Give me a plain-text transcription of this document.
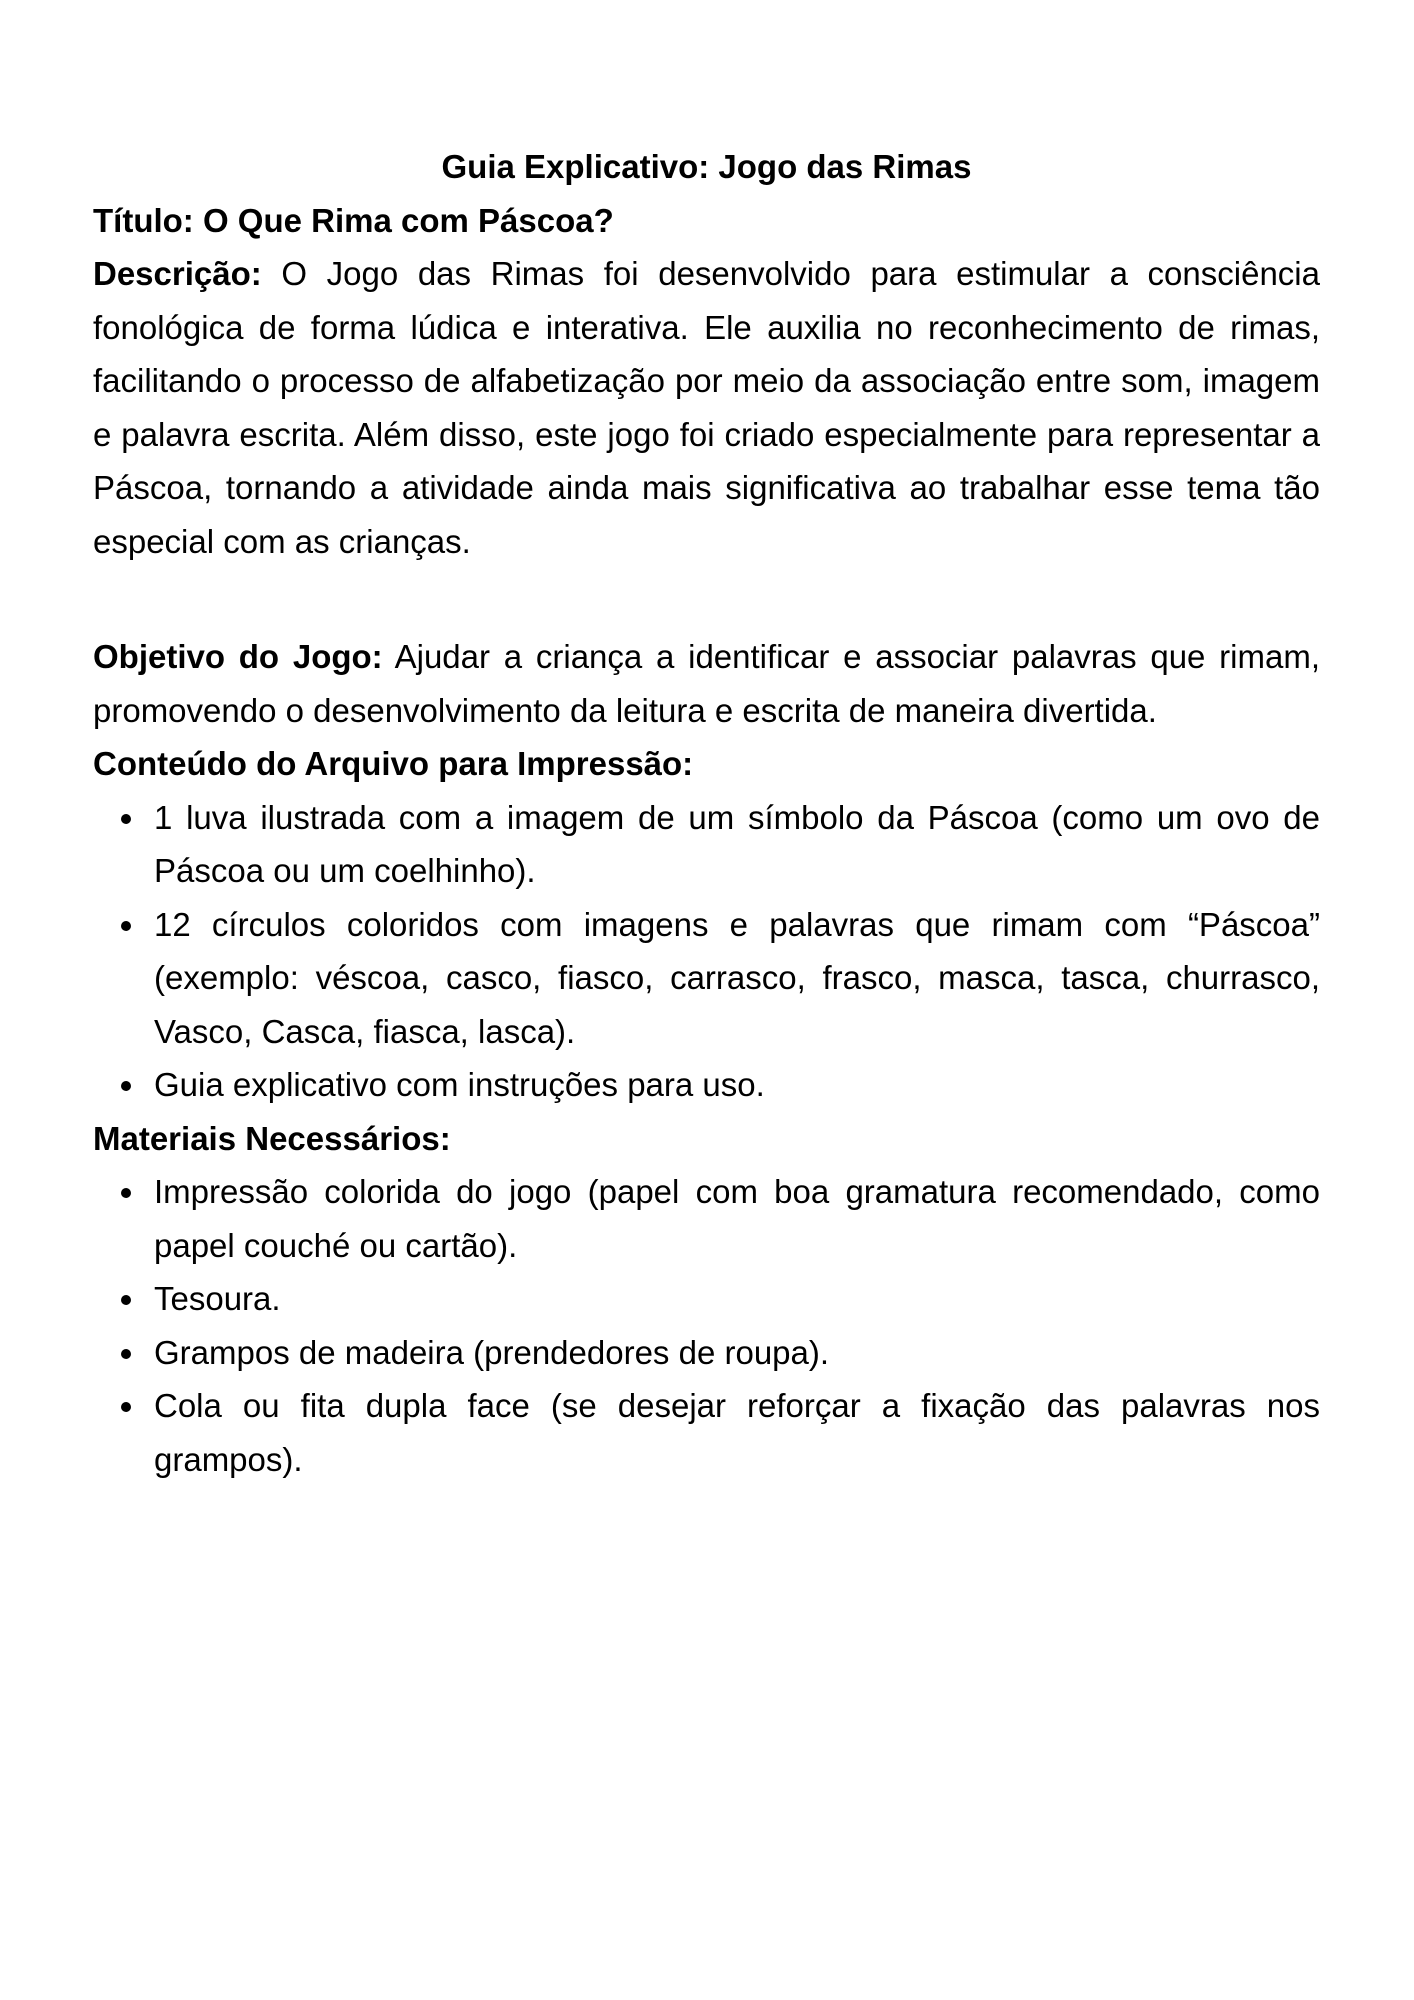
Guia Explicativo: Jogo das Rimas

Título: O Que Rima com Páscoa?

Descrição: O Jogo das Rimas foi desenvolvido para estimular a consciência fonológica de forma lúdica e interativa. Ele auxilia no reconhecimento de rimas, facilitando o processo de alfabetização por meio da associação entre som, imagem e palavra escrita. Além disso, este jogo foi criado especialmente para representar a Páscoa, tornando a atividade ainda mais significativa ao trabalhar esse tema tão especial com as crianças.

Objetivo do Jogo: Ajudar a criança a identificar e associar palavras que rimam, promovendo o desenvolvimento da leitura e escrita de maneira divertida.

Conteúdo do Arquivo para Impressão:
• 1 luva ilustrada com a imagem de um símbolo da Páscoa (como um ovo de Páscoa ou um coelhinho).
• 12 círculos coloridos com imagens e palavras que rimam com “Páscoa” (exemplo: véscoa, casco, fiasco, carrasco, frasco, masca, tasca, churrasco, Vasco, Casca, fiasca, lasca).
• Guia explicativo com instruções para uso.
Materiais Necessários:
• Impressão colorida do jogo (papel com boa gramatura recomendado, como papel couché ou cartão).
• Tesoura.
• Grampos de madeira (prendedores de roupa).
• Cola ou fita dupla face (se desejar reforçar a fixação das palavras nos grampos).
